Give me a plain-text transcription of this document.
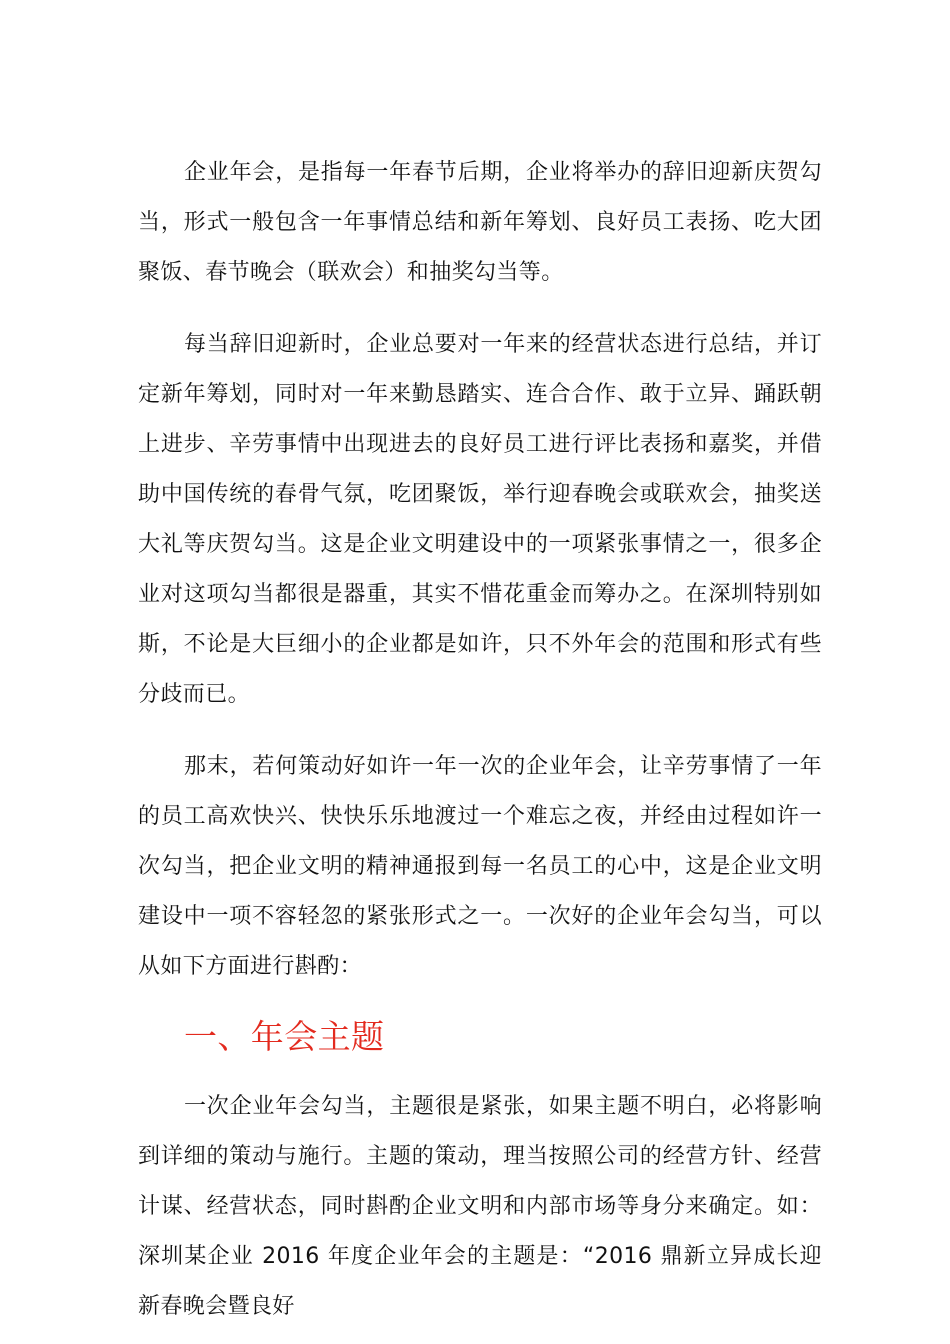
企业年会，是指每一年春节后期，企业将举办的辞旧迎新庆贺勾当，形式一般包含一年事情总结和新年筹划、良好员工表扬、吃大团聚饭、春节晚会（联欢会）和抽奖勾当等。

每当辞旧迎新时，企业总要对一年来的经营状态进行总结，并订定新年筹划，同时对一年来勤恳踏实、连合合作、敢于立异、踊跃朝上进步、辛劳事情中出现进去的良好员工进行评比表扬和嘉奖，并借助中国传统的春骨气氛，吃团聚饭，举行迎春晚会或联欢会，抽奖送大礼等庆贺勾当。这是企业文明建设中的一项紧张事情之一，很多企业对这项勾当都很是器重，其实不惜花重金而筹办之。在深圳特别如斯，不论是大巨细小的企业都是如许，只不外年会的范围和形式有些分歧而已。

那末，若何策动好如许一年一次的企业年会，让辛劳事情了一年的员工高欢快兴、快快乐乐地渡过一个难忘之夜，并经由过程如许一次勾当，把企业文明的精神通报到每一名员工的心中，这是企业文明建设中一项不容轻忽的紧张形式之一。一次好的企业年会勾当，可以从如下方面进行斟酌：

一、年会主题

一次企业年会勾当，主题很是紧张，如果主题不明白，必将影响到详细的策动与施行。主题的策动，理当按照公司的经营方针、经营计谋、经营状态，同时斟酌企业文明和内部市场等身分来确定。如：深圳某企业 2016 年度企业年会的主题是：“2016 鼎新立异成长迎新春晚会暨良好
